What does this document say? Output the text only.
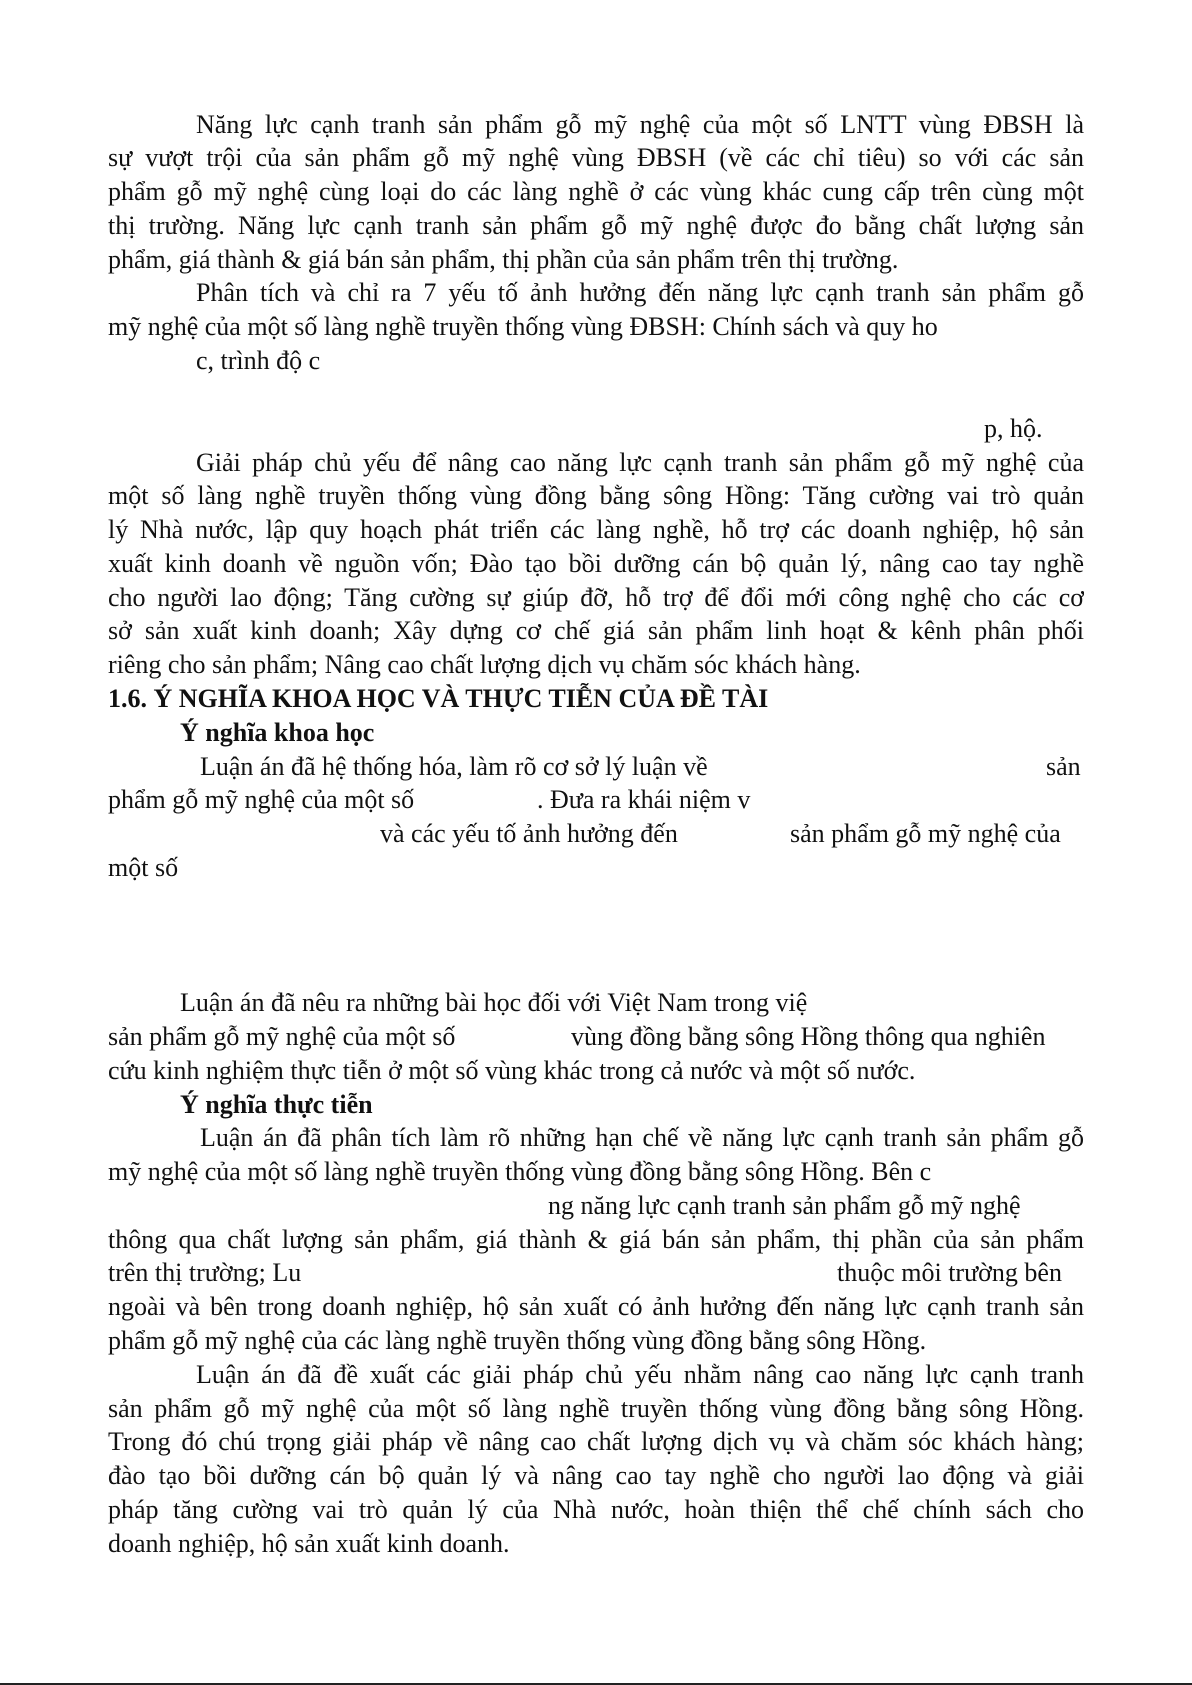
Năng lực cạnh tranh sản phẩm gỗ mỹ nghệ của một số LNTT vùng ĐBSH là
sự vượt trội của sản phẩm gỗ mỹ nghệ vùng ĐBSH (về các chỉ tiêu) so với các sản
phẩm gỗ mỹ nghệ cùng loại do các làng nghề ở các vùng khác cung cấp trên cùng một
thị trường. Năng lực cạnh tranh sản phẩm gỗ mỹ nghệ được đo bằng chất lượng sản
phẩm, giá thành & giá bán sản phẩm, thị phần của sản phẩm trên thị trường.
Phân tích và chỉ ra 7 yếu tố ảnh hưởng đến năng lực cạnh tranh sản phẩm gỗ
mỹ nghệ của một số làng nghề truyền thống vùng ĐBSH: Chính sách và quy ho
c, trình độ c
p, hộ.
Giải pháp chủ yếu để nâng cao năng lực cạnh tranh sản phẩm gỗ mỹ nghệ của
một số làng nghề truyền thống vùng đồng bằng sông Hồng: Tăng cường vai trò quản
lý Nhà nước, lập quy hoạch phát triển các làng nghề, hỗ trợ các doanh nghiệp, hộ sản
xuất kinh doanh về nguồn vốn; Đào tạo bồi dưỡng cán bộ quản lý, nâng cao tay nghề
cho người lao động; Tăng cường sự giúp đỡ, hỗ trợ để đổi mới công nghệ cho các cơ
sở sản xuất kinh doanh; Xây dựng cơ chế giá sản phẩm linh hoạt & kênh phân phối
riêng cho sản phẩm; Nâng cao chất lượng dịch vụ chăm sóc khách hàng.
1.6. Ý NGHĨA KHOA HỌC VÀ THỰC TIỄN CỦA ĐỀ TÀI
Ý nghĩa khoa học
Luận án đã hệ thống hóa, làm rõ cơ sở lý luận về	sản
phẩm gỗ mỹ nghệ của một số	. Đưa ra khái niệm v
và các yếu tố ảnh hưởng đến	sản phẩm gỗ mỹ nghệ của
một số
Luận án đã nêu ra những bài học đối với Việt Nam trong việ
sản phẩm gỗ mỹ nghệ của một số	vùng đồng bằng sông Hồng thông qua nghiên
cứu kinh nghiệm thực tiễn ở một số vùng khác trong cả nước và một số nước.
Ý nghĩa thực tiễn
Luận án đã phân tích làm rõ những hạn chế về năng lực cạnh tranh sản phẩm gỗ
mỹ nghệ của một số làng nghề truyền thống vùng đồng bằng sông Hồng. Bên c
ng năng lực cạnh tranh sản phẩm gỗ mỹ nghệ
thông qua chất lượng sản phẩm, giá thành & giá bán sản phẩm, thị phần của sản phẩm
trên thị trường; Lu	thuộc môi trường bên
ngoài và bên trong doanh nghiệp, hộ sản xuất có ảnh hưởng đến năng lực cạnh tranh sản
phẩm gỗ mỹ nghệ của các làng nghề truyền thống vùng đồng bằng sông Hồng.
Luận án đã đề xuất các giải pháp chủ yếu nhằm nâng cao năng lực cạnh tranh
sản phẩm gỗ mỹ nghệ của một số làng nghề truyền thống vùng đồng bằng sông Hồng.
Trong đó chú trọng giải pháp về nâng cao chất lượng dịch vụ và chăm sóc khách hàng;
đào tạo bồi dưỡng cán bộ quản lý và nâng cao tay nghề cho người lao động và giải
pháp tăng cường vai trò quản lý của Nhà nước, hoàn thiện thể chế chính sách cho
doanh nghiệp, hộ sản xuất kinh doanh.
